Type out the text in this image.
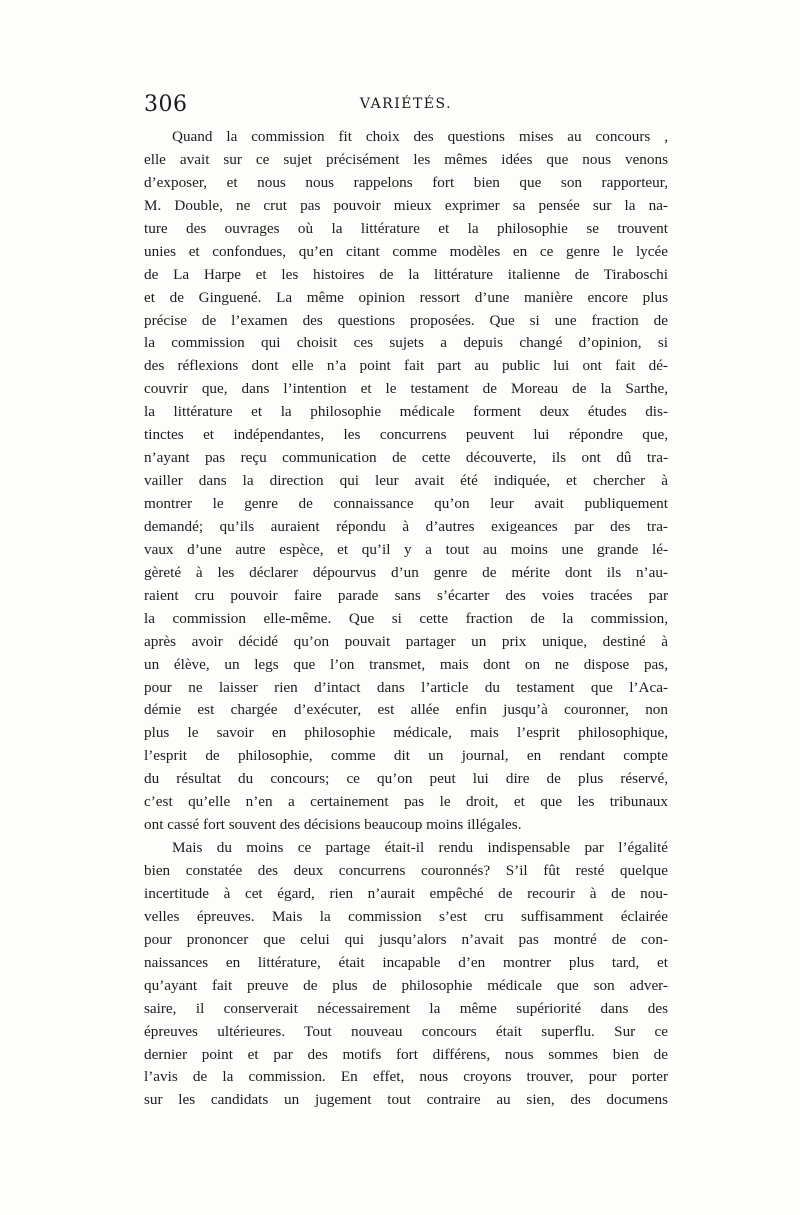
306	VARIÉTÉS.
Quand la commission fit choix des questions mises au concours ,
elle avait sur ce sujet précisément les mêmes idées que nous venons
d’exposer, et nous nous rappelons fort bien que son rapporteur,
M. Double, ne crut pas pouvoir mieux exprimer sa pensée sur la na-
ture des ouvrages où la littérature et la philosophie se trouvent
unies et confondues, qu’en citant comme modèles en ce genre le lycée
de La Harpe et les histoires de la littérature italienne de Tiraboschi
et de Ginguené. La même opinion ressort d’une manière encore plus
précise de l’examen des questions proposées. Que si une fraction de
la commission qui choisit ces sujets a depuis changé d’opinion, si
des réflexions dont elle n’a point fait part au public lui ont fait dé-
couvrir que, dans l’intention et le testament de Moreau de la Sarthe,
la littérature et la philosophie médicale forment deux études dis-
tinctes et indépendantes, les concurrens peuvent lui répondre que,
n’ayant pas reçu communication de cette découverte, ils ont dû tra-
vailler dans la direction qui leur avait été indiquée, et chercher à
montrer le genre de connaissance qu’on leur avait publiquement
demandé; qu’ils auraient répondu à d’autres exigeances par des tra-
vaux d’une autre espèce, et qu’il y a tout au moins une grande lé-
gèreté à les déclarer dépourvus d’un genre de mérite dont ils n’au-
raient cru pouvoir faire parade sans s’écarter des voies tracées par
la commission elle-même. Que si cette fraction de la commission,
après avoir décidé qu’on pouvait partager un prix unique, destiné à
un élève, un legs que l’on transmet, mais dont on ne dispose pas,
pour ne laisser rien d’intact dans l’article du testament que l’Aca-
démie est chargée d’exécuter, est allée enfin jusqu’à couronner, non
plus le savoir en philosophie médicale, mais l’esprit philosophique,
l’esprit de philosophie, comme dit un journal, en rendant compte
du résultat du concours; ce qu’on peut lui dire de plus réservé,
c’est qu’elle n’en a certainement pas le droit, et que les tribunaux
ont cassé fort souvent des décisions beaucoup moins illégales.
Mais du moins ce partage était-il rendu indispensable par l’égalité
bien constatée des deux concurrens couronnés? S’il fût resté quelque
incertitude à cet égard, rien n’aurait empêché de recourir à de nou-
velles épreuves. Mais la commission s’est cru suffisamment éclairée
pour prononcer que celui qui jusqu’alors n’avait pas montré de con-
naissances en littérature, était incapable d’en montrer plus tard, et
qu’ayant fait preuve de plus de philosophie médicale que son adver-
saire, il conserverait nécessairement la même supériorité dans des
épreuves ultérieures. Tout nouveau concours était superflu. Sur ce
dernier point et par des motifs fort différens, nous sommes bien de
l’avis de la commission. En effet, nous croyons trouver, pour porter
sur les candidats un jugement tout contraire au sien, des documens
